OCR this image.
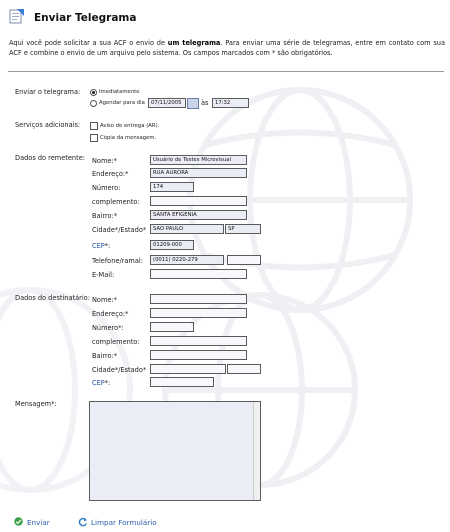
Enviar Telegrama
Aqui você pode solicitar a sua ACF o envio de um telegrama. Para enviar uma série de telegramas, entre em contato com sua ACF e combine o envio de um arquivo pelo sistema. Os campos marcados com * são obrigatórios.
Enviar o telegrama:	Imediatamente
Agendar para dia	07/11/2005	às	17:32
Serviços adicionais:	Aviso de entrega (AR).
Cópia da mensagem.
Dados do remetente: Nome:*	Usuário de Testes Microvisual
Endereço:*	RUA AURORA
Número:	174
complemento:
Bairro:*	SANTA EFIGENIA
Cidade*/Estado*	SAO PAULO	SP
CEP*:	01209-000
Telefone/ramal:	(0011) 0220-279
E-Mail:
Dados do destinatário: Nome:*
Endereço:*
Número*:
complemento:
Bairro:*
Cidade*/Estado*
CEP*:
Mensagem*:
Enviar	Limpar Formulário
